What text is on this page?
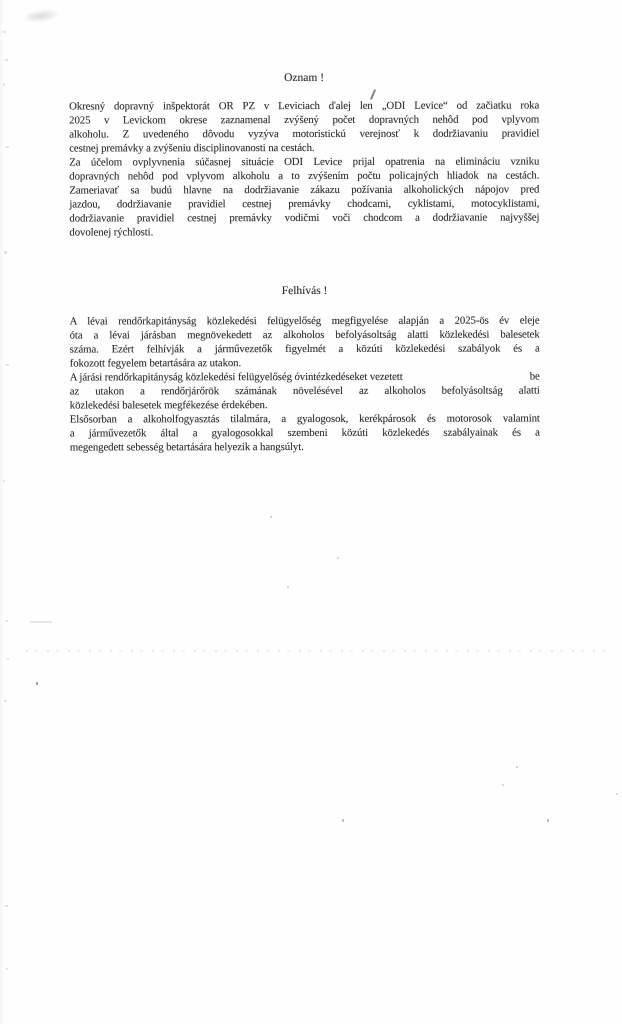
Oznam !
Okresný dopravný inšpektorát OR PZ v Leviciach ďalej len „ODI Levice“ od začiatku roka
2025 v Levickom okrese zaznamenal zvýšený počet dopravných nehôd pod vplyvom
alkoholu. Z uvedeného dôvodu vyzýva motoristickú verejnosť k dodržiavaniu pravidiel
cestnej premávky a zvýšeniu disciplinovanosti na cestách.
Za účelom ovplyvnenia súčasnej situácie ODI Levice prijal opatrenia na elimináciu vzniku
dopravných nehôd pod vplyvom alkoholu a to zvýšením počtu policajných hliadok na cestách.
Zameriavať sa budú hlavne na dodržiavanie zákazu požívania alkoholických nápojov pred
jazdou, dodržiavanie pravidiel cestnej premávky chodcami, cyklistami, motocyklistami,
dodržiavanie pravidiel cestnej premávky vodičmi voči chodcom a dodržiavanie najvyššej
dovolenej rýchlosti.
Felhívás !
A lévai rendőrkapitányság közlekedési felügyelőség megfigyelése alapján a 2025-ös év eleje
óta a lévai járásban megnövekedett az alkoholos befolyásoltság alatti közlekedési balesetek
száma. Ezért felhívják a járművezetők figyelmét a közúti közlekedési szabályok és a
fokozott fegyelem betartására az utakon.
A járási rendőrkapitányság közlekedési felügyelőség óvintézkedéseket vezetett	be
az utakon a rendőrjárőrök számának növelésével az alkoholos befolyásoltság alatti
közlekedési balesetek megfékezése érdekében.
Elsősorban a alkoholfogyasztás tilalmára, a gyalogosok, kerékpárosok és motorosok valamint
a járművezetők által a gyalogosokkal szembeni közúti közlekedés szabályainak és a
megengedett sebesség betartására helyezik a hangsúlyt.
